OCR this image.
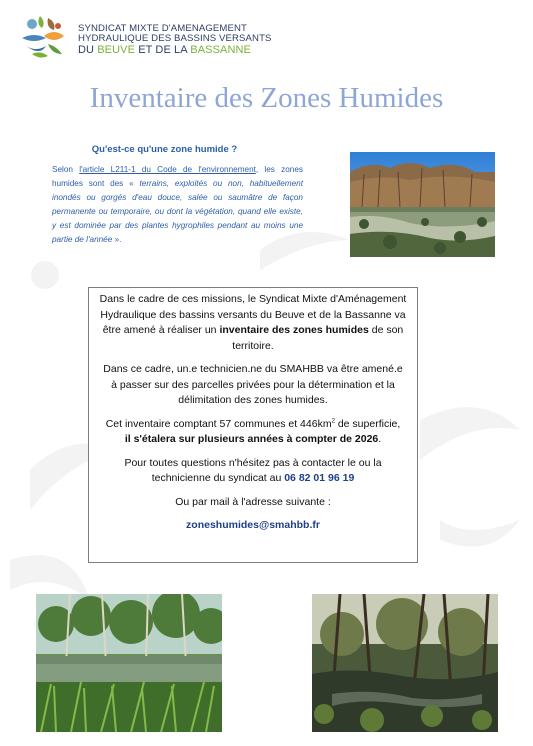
SYNDICAT MIXTE D'AMENAGEMENT
HYDRAULIQUE DES BASSINS VERSANTS
DU BEUVE ET DE LA BASSANNE
Inventaire des Zones Humides
Qu'est-ce qu'une zone humide ?
Selon l'article L211-1 du Code de l'environnement, les zones humides sont des « terrains, exploités ou non, habituellement inondés ou gorgés d'eau douce, salée ou saumâtre de façon permanente ou temporaire, ou dont la végétation, quand elle existe, y est dominée par des plantes hygrophiles pendant au moins une partie de l'année ».

Dans le cadre de ces missions, le Syndicat Mixte d'Aménagement Hydraulique des bassins versants du Beuve et de la Bassanne va être amené à réaliser un inventaire des zones humides de son territoire.

Dans ce cadre, un.e technicien.ne du SMAHBB va être amené.e à passer sur des parcelles privées pour la détermination et la délimitation des zones humides.

Cet inventaire comptant 57 communes et $446km^2$ de superficie,
il s'étalera sur plusieurs années à compter de 2026.

Pour toutes questions n'hésitez pas à contacter le ou la technicienne du syndicat au 06 82 01 96 19

Ou par mail à l'adresse suivante :

zoneshumides@smahbb.fr
